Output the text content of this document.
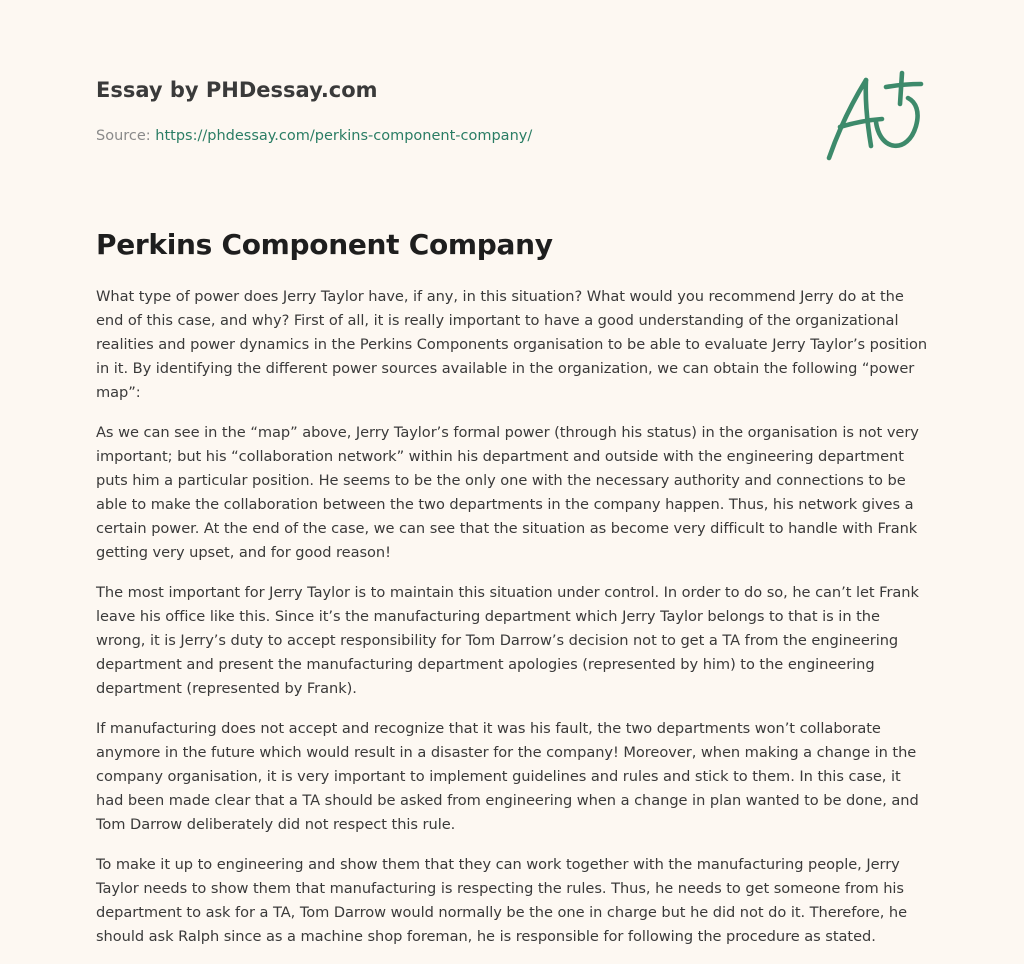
Essay by PHDessay.com
Source: https://phdessay.com/perkins-component-company/
Perkins Component Company

What type of power does Jerry Taylor have, if any, in this situation? What would you recommend Jerry do at the end of this case, and why? First of all, it is really important to have a good understanding of the organizational realities and power dynamics in the Perkins Components organisation to be able to evaluate Jerry Taylor’s position in it. By identifying the different power sources available in the organization, we can obtain the following “power map”:

As we can see in the “map” above, Jerry Taylor’s formal power (through his status) in the organisation is not very important; but his “collaboration network” within his department and outside with the engineering department puts him a particular position. He seems to be the only one with the necessary authority and connections to be able to make the collaboration between the two departments in the company happen. Thus, his network gives a certain power. At the end of the case, we can see that the situation as become very difficult to handle with Frank getting very upset, and for good reason!

The most important for Jerry Taylor is to maintain this situation under control. In order to do so, he can’t let Frank leave his office like this. Since it’s the manufacturing department which Jerry Taylor belongs to that is in the wrong, it is Jerry’s duty to accept responsibility for Tom Darrow’s decision not to get a TA from the engineering department and present the manufacturing department apologies (represented by him) to the engineering department (represented by Frank).

If manufacturing does not accept and recognize that it was his fault, the two departments won’t collaborate anymore in the future which would result in a disaster for the company! Moreover, when making a change in the company organisation, it is very important to implement guidelines and rules and stick to them. In this case, it had been made clear that a TA should be asked from engineering when a change in plan wanted to be done, and Tom Darrow deliberately did not respect this rule.

To make it up to engineering and show them that they can work together with the manufacturing people, Jerry Taylor needs to show them that manufacturing is respecting the rules. Thus, he needs to get someone from his department to ask for a TA, Tom Darrow would normally be the one in charge but he did not do it. Therefore, he should ask Ralph since as a machine shop foreman, he is responsible for following the procedure as stated.
